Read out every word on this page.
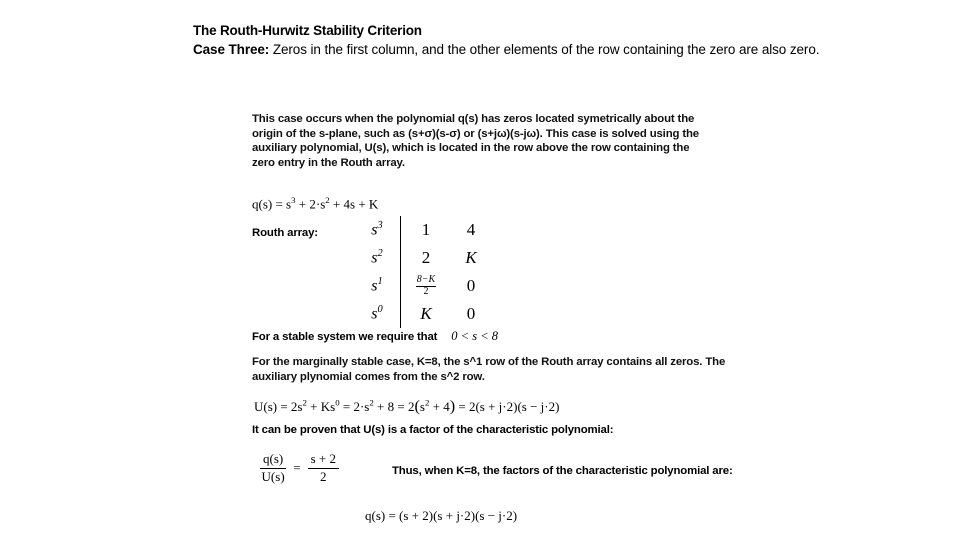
The Routh-Hurwitz Stability Criterion
Case Three: Zeros in the first column, and the other elements of the row containing the zero are also zero.
This case occurs when the polynomial q(s) has zeros located symetrically about the origin of the s-plane, such as (s+σ)(s-σ) or (s+jω)(s-jω). This case is solved using the auxiliary polynomial, U(s), which is located in the row above the row containing the zero entry in the Routh array.
$q(s) = s^3 + 2\cdot s^2 + 4s + K$
Routh array:	$s^3$		1	4
$s^2$		2	K
$s^1$		$\frac{8-K}{2}$	0
$s^0$		K	0
For a stable system we require that 0 < s < 8
For the marginally stable case, K=8, the s^1 row of the Routh array contains all zeros. The auxiliary plynomial comes from the s^2 row.
$U(s) = 2s^2 + Ks^0 = 2\cdot s^2 + 8 = 2(s^2 + 4) = 2(s + j\cdot 2)(s - j\cdot 2)$
It can be proven that U(s) is a factor of the characteristic polynomial:
$\frac{q(s)}{U(s)} = \frac{s + 2}{2}$	Thus, when K=8, the factors of the characteristic polynomial are:
q(s) = (s + 2)(s + j·2)(s − j·2)
